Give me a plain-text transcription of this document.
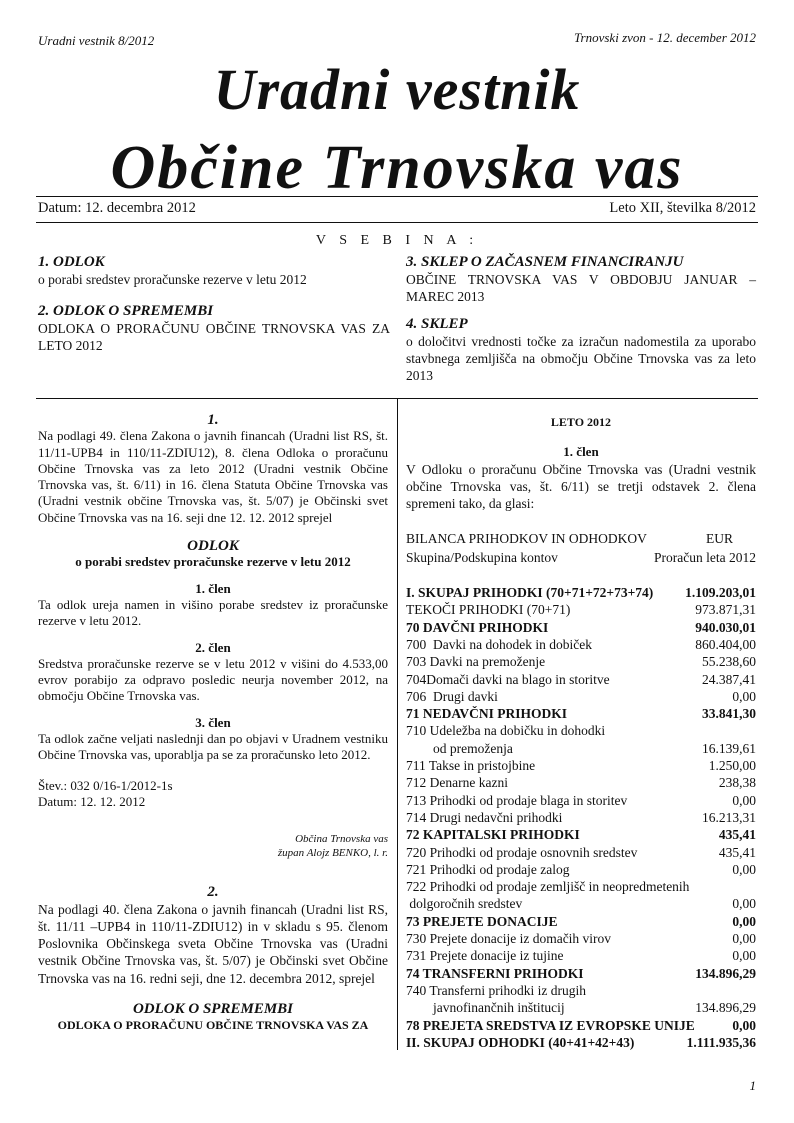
Uradni vestnik 8/2012	Trnovski zvon - 12. december 2012
Uradni vestnik
Občine Trnovska vas
Datum: 12. decembra 2012	Leto XII, številka 8/2012
V S E B I N A :
1. ODLOK
o porabi sredstev proračunske rezerve v letu 2012
2. ODLOK O SPREMEMBI
ODLOKA O PRORAČUNU OBČINE TRNOVSKA VAS ZA LETO 2012
3. SKLEP O ZAČASNEM FINANCIRANJU
OBČINE TRNOVSKA VAS V OBDOBJU JANUAR – MAREC 2013
4. SKLEP
o določitvi vrednosti točke za izračun nadomestila za uporabo stavbnega zemljišča na območju Občine Trnovska vas za leto 2013
1.
Na podlagi 49. člena Zakona o javnih financah (Uradni list RS, št. 11/11-UPB4 in 110/11-ZDIU12), 8. člena Odloka o proračunu Občine Trnovska vas za leto 2012 (Uradni vestnik Občine Trnovska vas, št. 6/11) in 16. člena Statuta Občine Trnovska vas (Uradni vestnik občine Trnovska vas, št. 5/07) je Občinski svet Občine Trnovska vas na 16. seji dne 12. 12. 2012 sprejel
ODLOK
o porabi sredstev proračunske rezerve v letu 2012
1. člen
Ta odlok ureja namen in višino porabe sredstev iz proračunske rezerve v letu 2012.
2. člen
Sredstva proračunske rezerve se v letu 2012 v višini do 4.533,00 evrov porabijo za odpravo posledic neurja november 2012, na območju Občine Trnovska vas.
3. člen
Ta odlok začne veljati naslednji dan po objavi v Uradnem vestniku Občine Trnovska vas, uporablja pa se za proračunsko leto 2012.
Štev.: 032 0/16-1/2012-1s
Datum: 12. 12. 2012
Občina Trnovska vas
župan Alojz BENKO, l. r.
2.
Na podlagi 40. člena Zakona o javnih financah (Uradni list RS, št. 11/11 –UPB4 in 110/11-ZDIU12) in v skladu s 95. členom Poslovnika Občinskega sveta Občine Trnovska vas (Uradni vestnik Občine Trnovska vas, št. 5/07) je Občinski svet Občine Trnovska vas na 16. redni seji, dne 12. decembra 2012, sprejel
ODLOK O SPREMEMBI
ODLOKA O PRORAČUNU OBČINE TRNOVSKA VAS ZA
LETO 2012
1. člen
V Odloku o proračunu Občine Trnovska vas (Uradni vestnik občine Trnovska vas, št. 6/11) se tretji odstavek 2. člena spremeni tako, da glasi:
BILANCA PRIHODKOV IN ODHODKOV	EUR
Skupina/Podskupina kontov	Proračun leta 2012
I. SKUPAJ PRIHODKI (70+71+72+73+74) 1.109.203,01
TEKOČI PRIHODKI (70+71)	973.871,31
70 DAVČNI PRIHODKI	940.030,01
700  Davki na dohodek in dobiček	860.404,00
703 Davki na premoženje	55.238,60
704Domači davki na blago in storitve	24.387,41
706  Drugi davki	0,00
71 NEDAVČNI PRIHODKI	33.841,30
710 Udeležba na dobičku in dohodki
od premoženja	16.139,61
711 Takse in pristojbine	1.250,00
712 Denarne kazni	238,38
713 Prihodki od prodaje blaga in storitev	0,00
714 Drugi nedavčni prihodki	16.213,31
72 KAPITALSKI PRIHODKI	435,41
720 Prihodki od prodaje osnovnih sredstev	435,41
721 Prihodki od prodaje zalog	0,00
722 Prihodki od prodaje zemljišč in neopredmetenih
dolgoročnih sredstev	0,00
73 PREJETE DONACIJE	0,00
730 Prejete donacije iz domačih virov	0,00
731 Prejete donacije iz tujine	0,00
74 TRANSFERNI PRIHODKI	134.896,29
740 Transferni prihodki iz drugih
javnofinančnih inštitucij	134.896,29
78 PREJETA SREDSTVA IZ EVROPSKE UNIJE	0,00
II. SKUPAJ ODHODKI (40+41+42+43)	1.111.935,36
1
